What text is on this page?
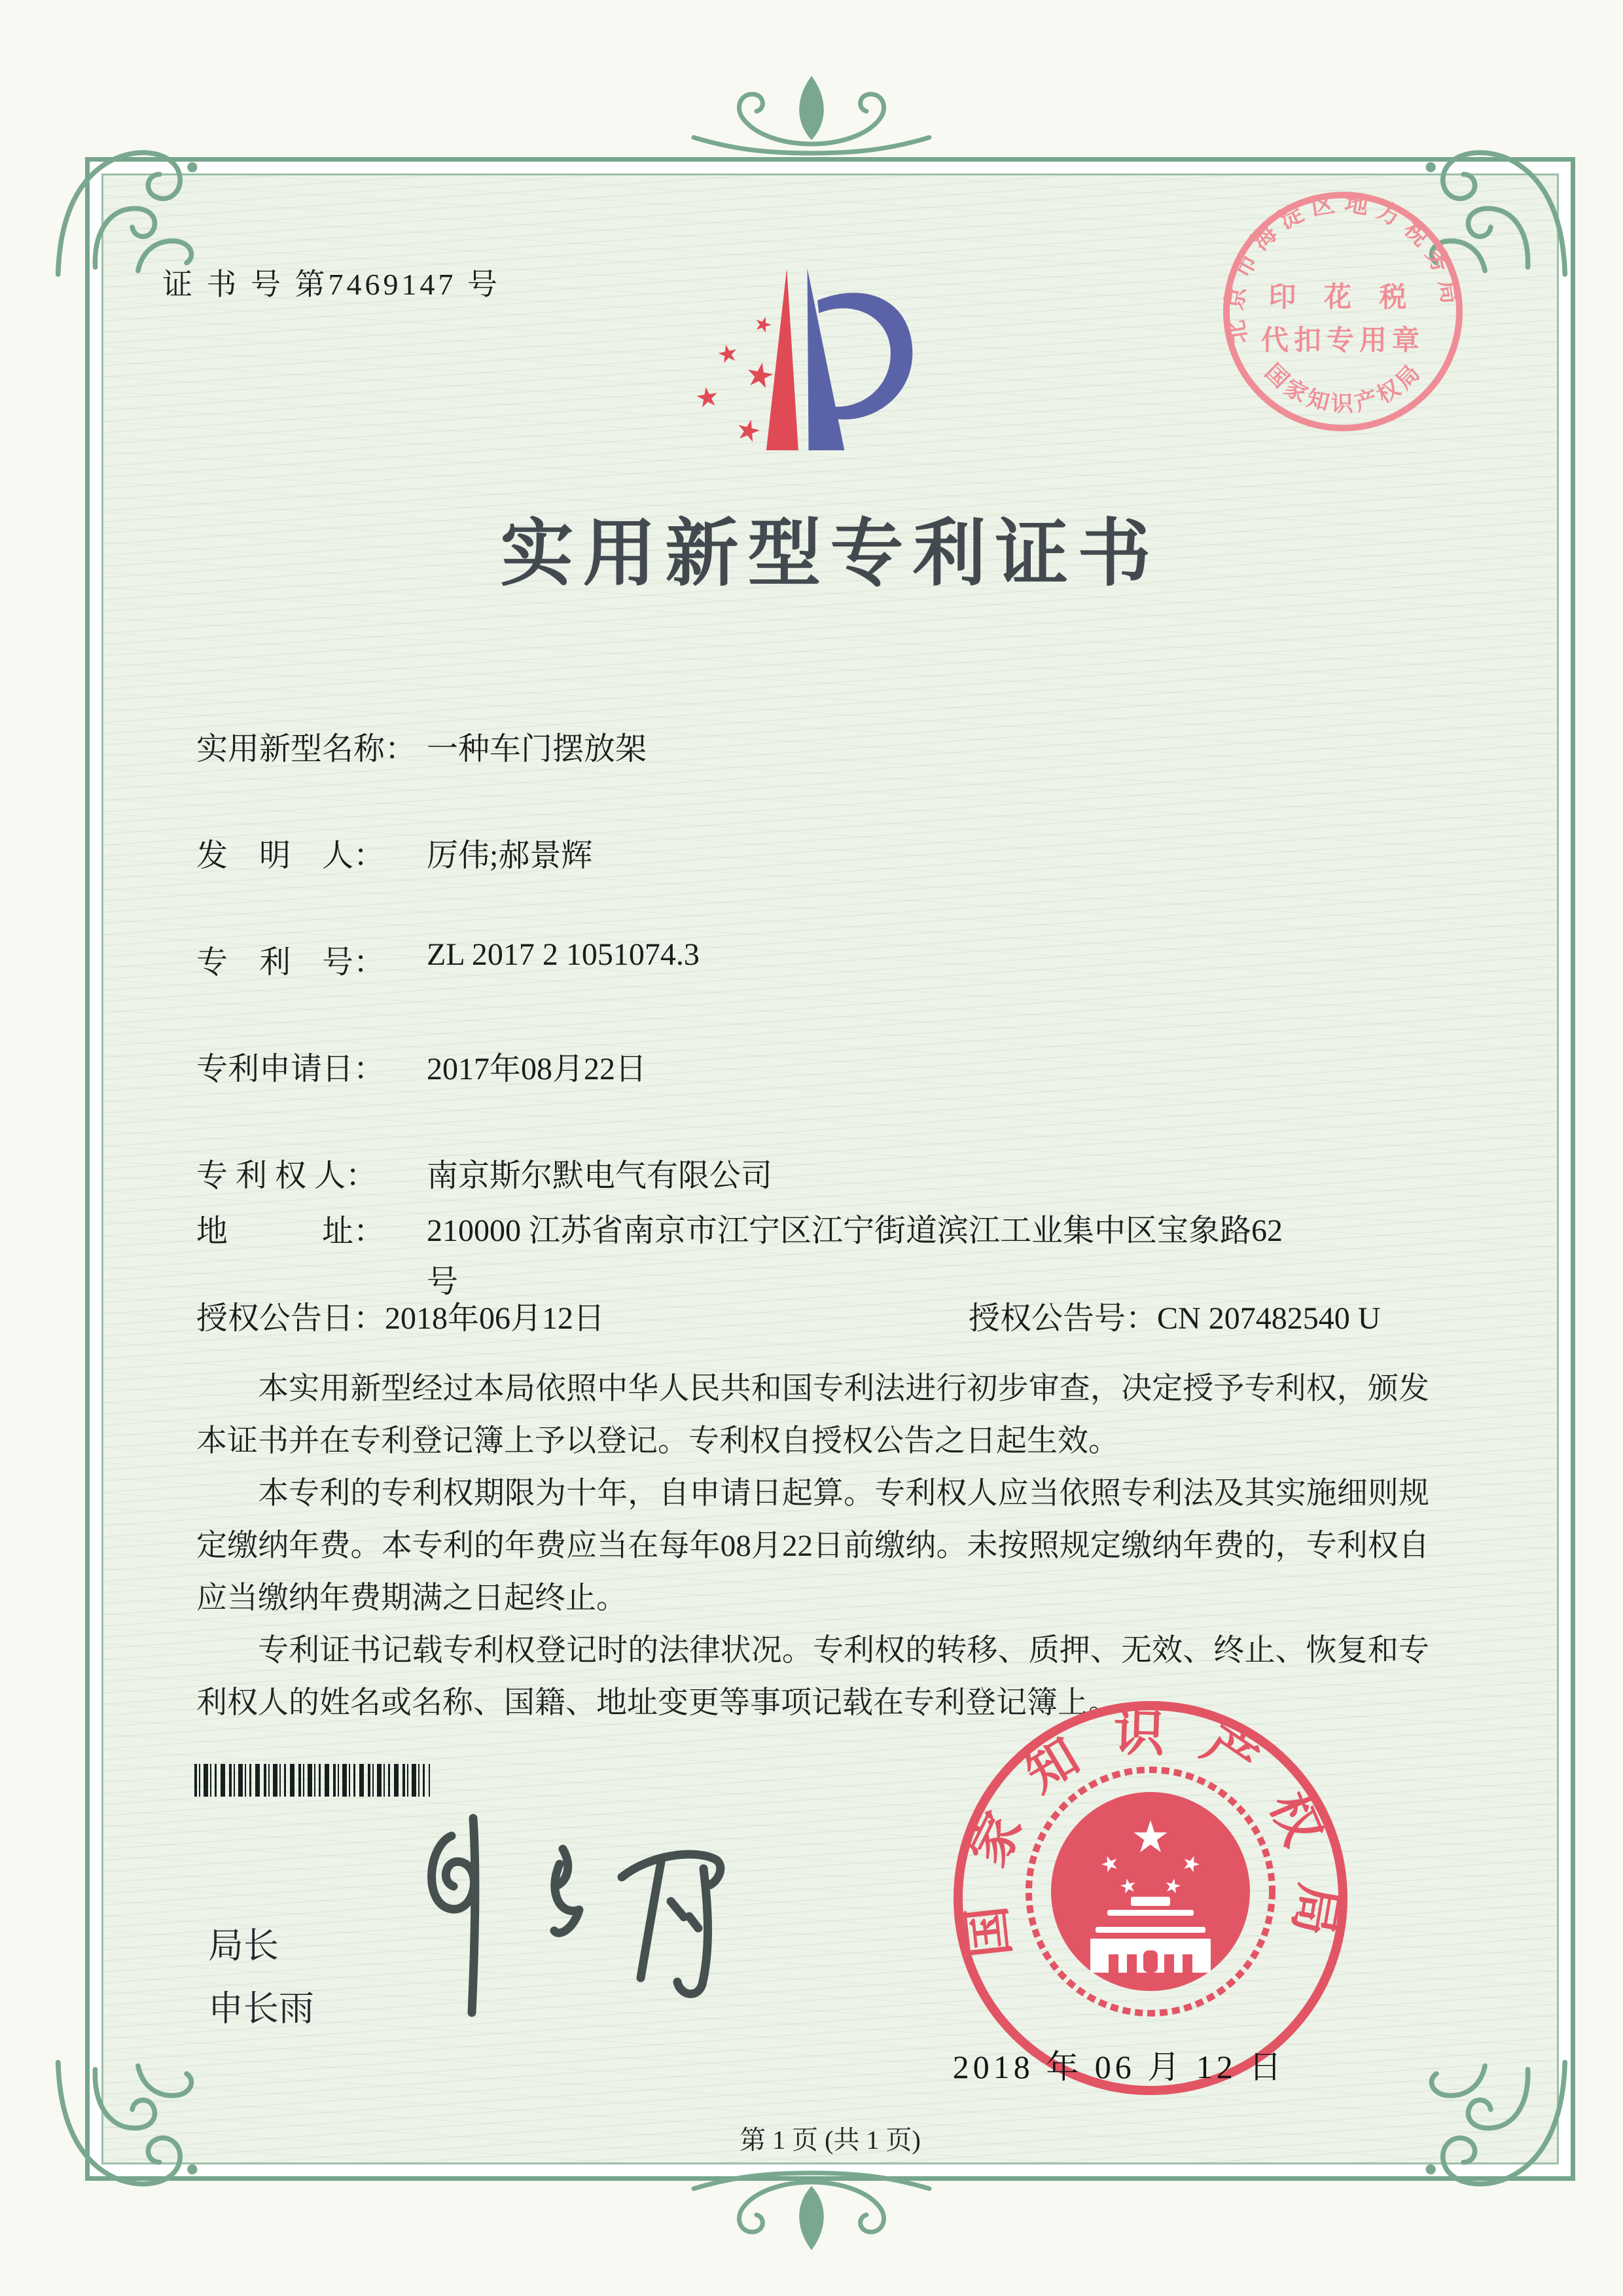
证 书 号 第7469147 号
北京市海淀区地方税务局
国家知识产权局
印 花 税
代扣专用章
实用新型专利证书
实用新型名称： 一种车门摆放架
发　明　人：	厉伟;郝景辉
专　利　号：	ZL 2017 2 1051074.3
专利申请日：	2017年08月22日
专 利 权 人：	南京斯尔默电气有限公司
地　　　址：	210000 江苏省南京市江宁区江宁街道滨江工业集中区宝象路62号
授权公告日：2018年06月12日	授权公告号：CN 207482540 U

本实用新型经过本局依照中华人民共和国专利法进行初步审查，决定授予专利权，颁发本证书并在专利登记簿上予以登记。专利权自授权公告之日起生效。

本专利的专利权期限为十年，自申请日起算。专利权人应当依照专利法及其实施细则规定缴纳年费。本专利的年费应当在每年08月22日前缴纳。未按照规定缴纳年费的，专利权自应当缴纳年费期满之日起终止。

专利证书记载专利权登记时的法律状况。专利权的转移、质押、无效、终止、恢复和专利权人的姓名或名称、国籍、地址变更等事项记载在专利登记簿上。

局长
申长雨
国家知识产权局
2018 年 06 月 12 日
第 1 页 (共 1 页)
